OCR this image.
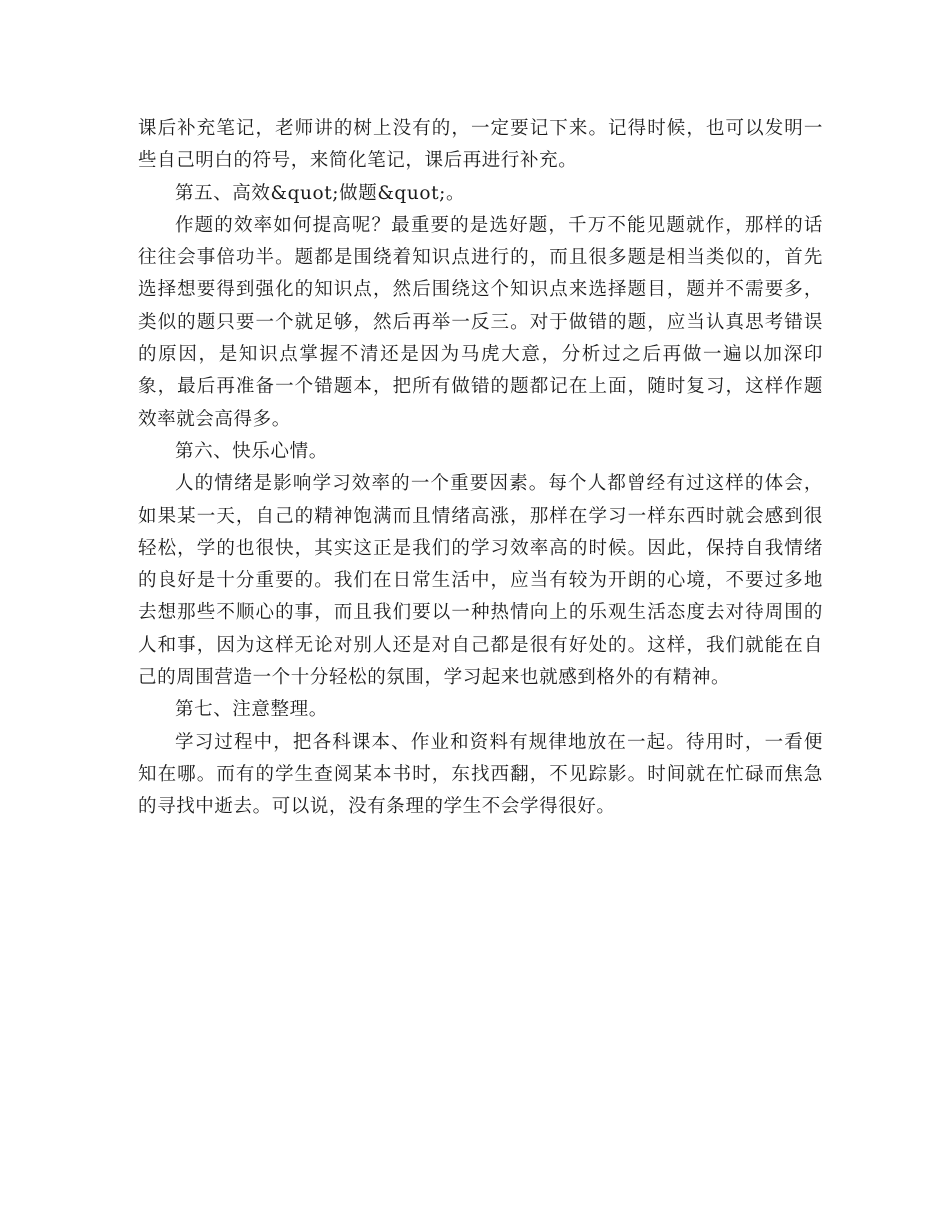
课后补充笔记，老师讲的树上没有的，一定要记下来。记得时候，也可以发明一些自己明白的符号，来简化笔记，课后再进行补充。

第五、高效&quot;做题&quot;。

作题的效率如何提高呢？最重要的是选好题，千万不能见题就作，那样的话往往会事倍功半。题都是围绕着知识点进行的，而且很多题是相当类似的，首先选择想要得到强化的知识点，然后围绕这个知识点来选择题目，题并不需要多，类似的题只要一个就足够，然后再举一反三。对于做错的题，应当认真思考错误的原因，是知识点掌握不清还是因为马虎大意，分析过之后再做一遍以加深印象，最后再准备一个错题本，把所有做错的题都记在上面，随时复习，这样作题效率就会高得多。

第六、快乐心情。

人的情绪是影响学习效率的一个重要因素。每个人都曾经有过这样的体会，如果某一天，自己的精神饱满而且情绪高涨，那样在学习一样东西时就会感到很轻松，学的也很快，其实这正是我们的学习效率高的时候。因此，保持自我情绪的良好是十分重要的。我们在日常生活中，应当有较为开朗的心境，不要过多地去想那些不顺心的事，而且我们要以一种热情向上的乐观生活态度去对待周围的人和事，因为这样无论对别人还是对自己都是很有好处的。这样，我们就能在自己的周围营造一个十分轻松的氛围，学习起来也就感到格外的有精神。

第七、注意整理。

学习过程中，把各科课本、作业和资料有规律地放在一起。待用时，一看便知在哪。而有的学生查阅某本书时，东找西翻，不见踪影。时间就在忙碌而焦急的寻找中逝去。可以说，没有条理的学生不会学得很好。
